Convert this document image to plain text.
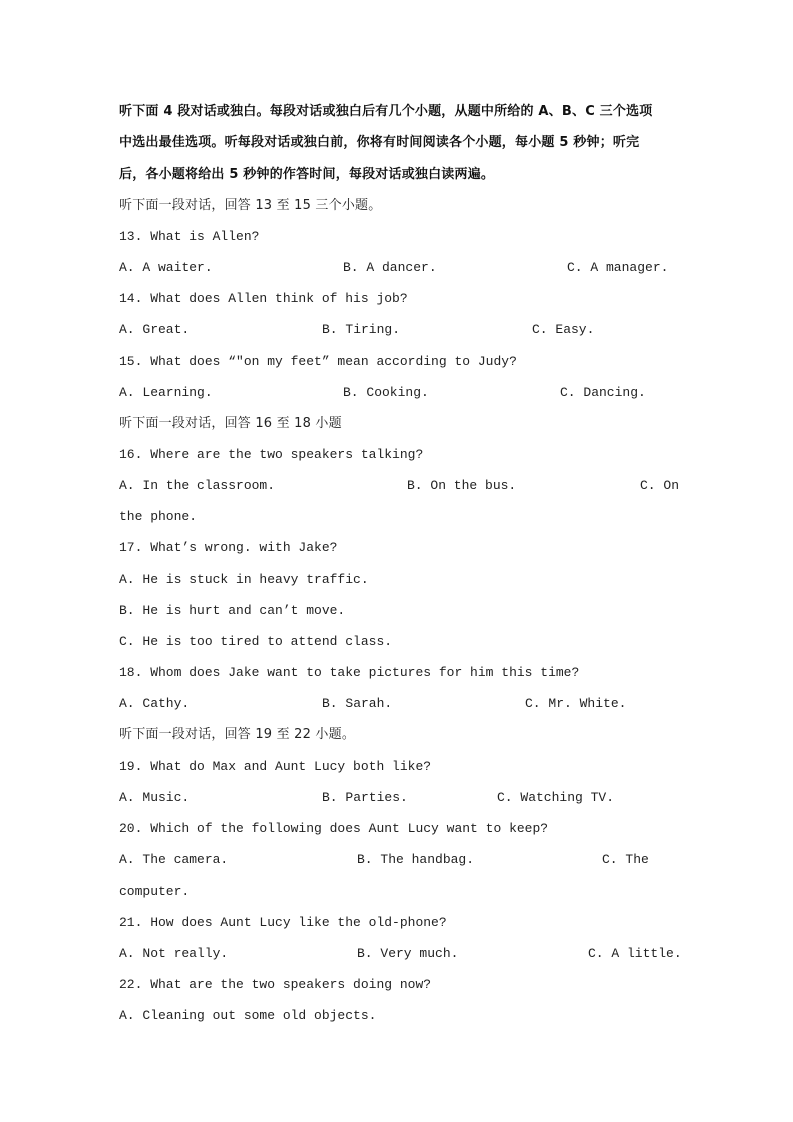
听下面 4 段对话或独白。每段对话或独白后有几个小题，从题中所给的 A、B、C 三个选项
中选出最佳选项。听每段对话或独白前，你将有时间阅读各个小题，每小题 5 秒钟；听完
后，各小题将给出 5 秒钟的作答时间，每段对话或独白读两遍。
听下面一段对话，回答 13 至 15 三个小题。
13. What is Allen?
A. A waiter.	B. A dancer.	C. A manager.
14. What does Allen think of his job?
A. Great.	B. Tiring.	C. Easy.
15. What does “″on my feet” mean according to Judy?
A. Learning.	B. Cooking.	C. Dancing.
听下面一段对话，回答 16 至 18 小题
16. Where are the two speakers talking?
A. In the classroom.	B. On the bus.	C. On
the phone.
17. What’s wrong. with Jake?
A. He is stuck in heavy traffic.
B. He is hurt and can’t move.
C. He is too tired to attend class.
18. Whom does Jake want to take pictures for him this time?
A. Cathy.	B. Sarah.	C. Mr. White.
听下面一段对话，回答 19 至 22 小题。
19. What do Max and Aunt Lucy both like?
A. Music.	B. Parties.	C. Watching TV.
20. Which of the following does Aunt Lucy want to keep?
A. The camera.	B. The handbag.	C. The
computer.
21. How does Aunt Lucy like the old-phone?
A. Not really.	B. Very much.	C. A little.
22. What are the two speakers doing now?
A. Cleaning out some old objects.
